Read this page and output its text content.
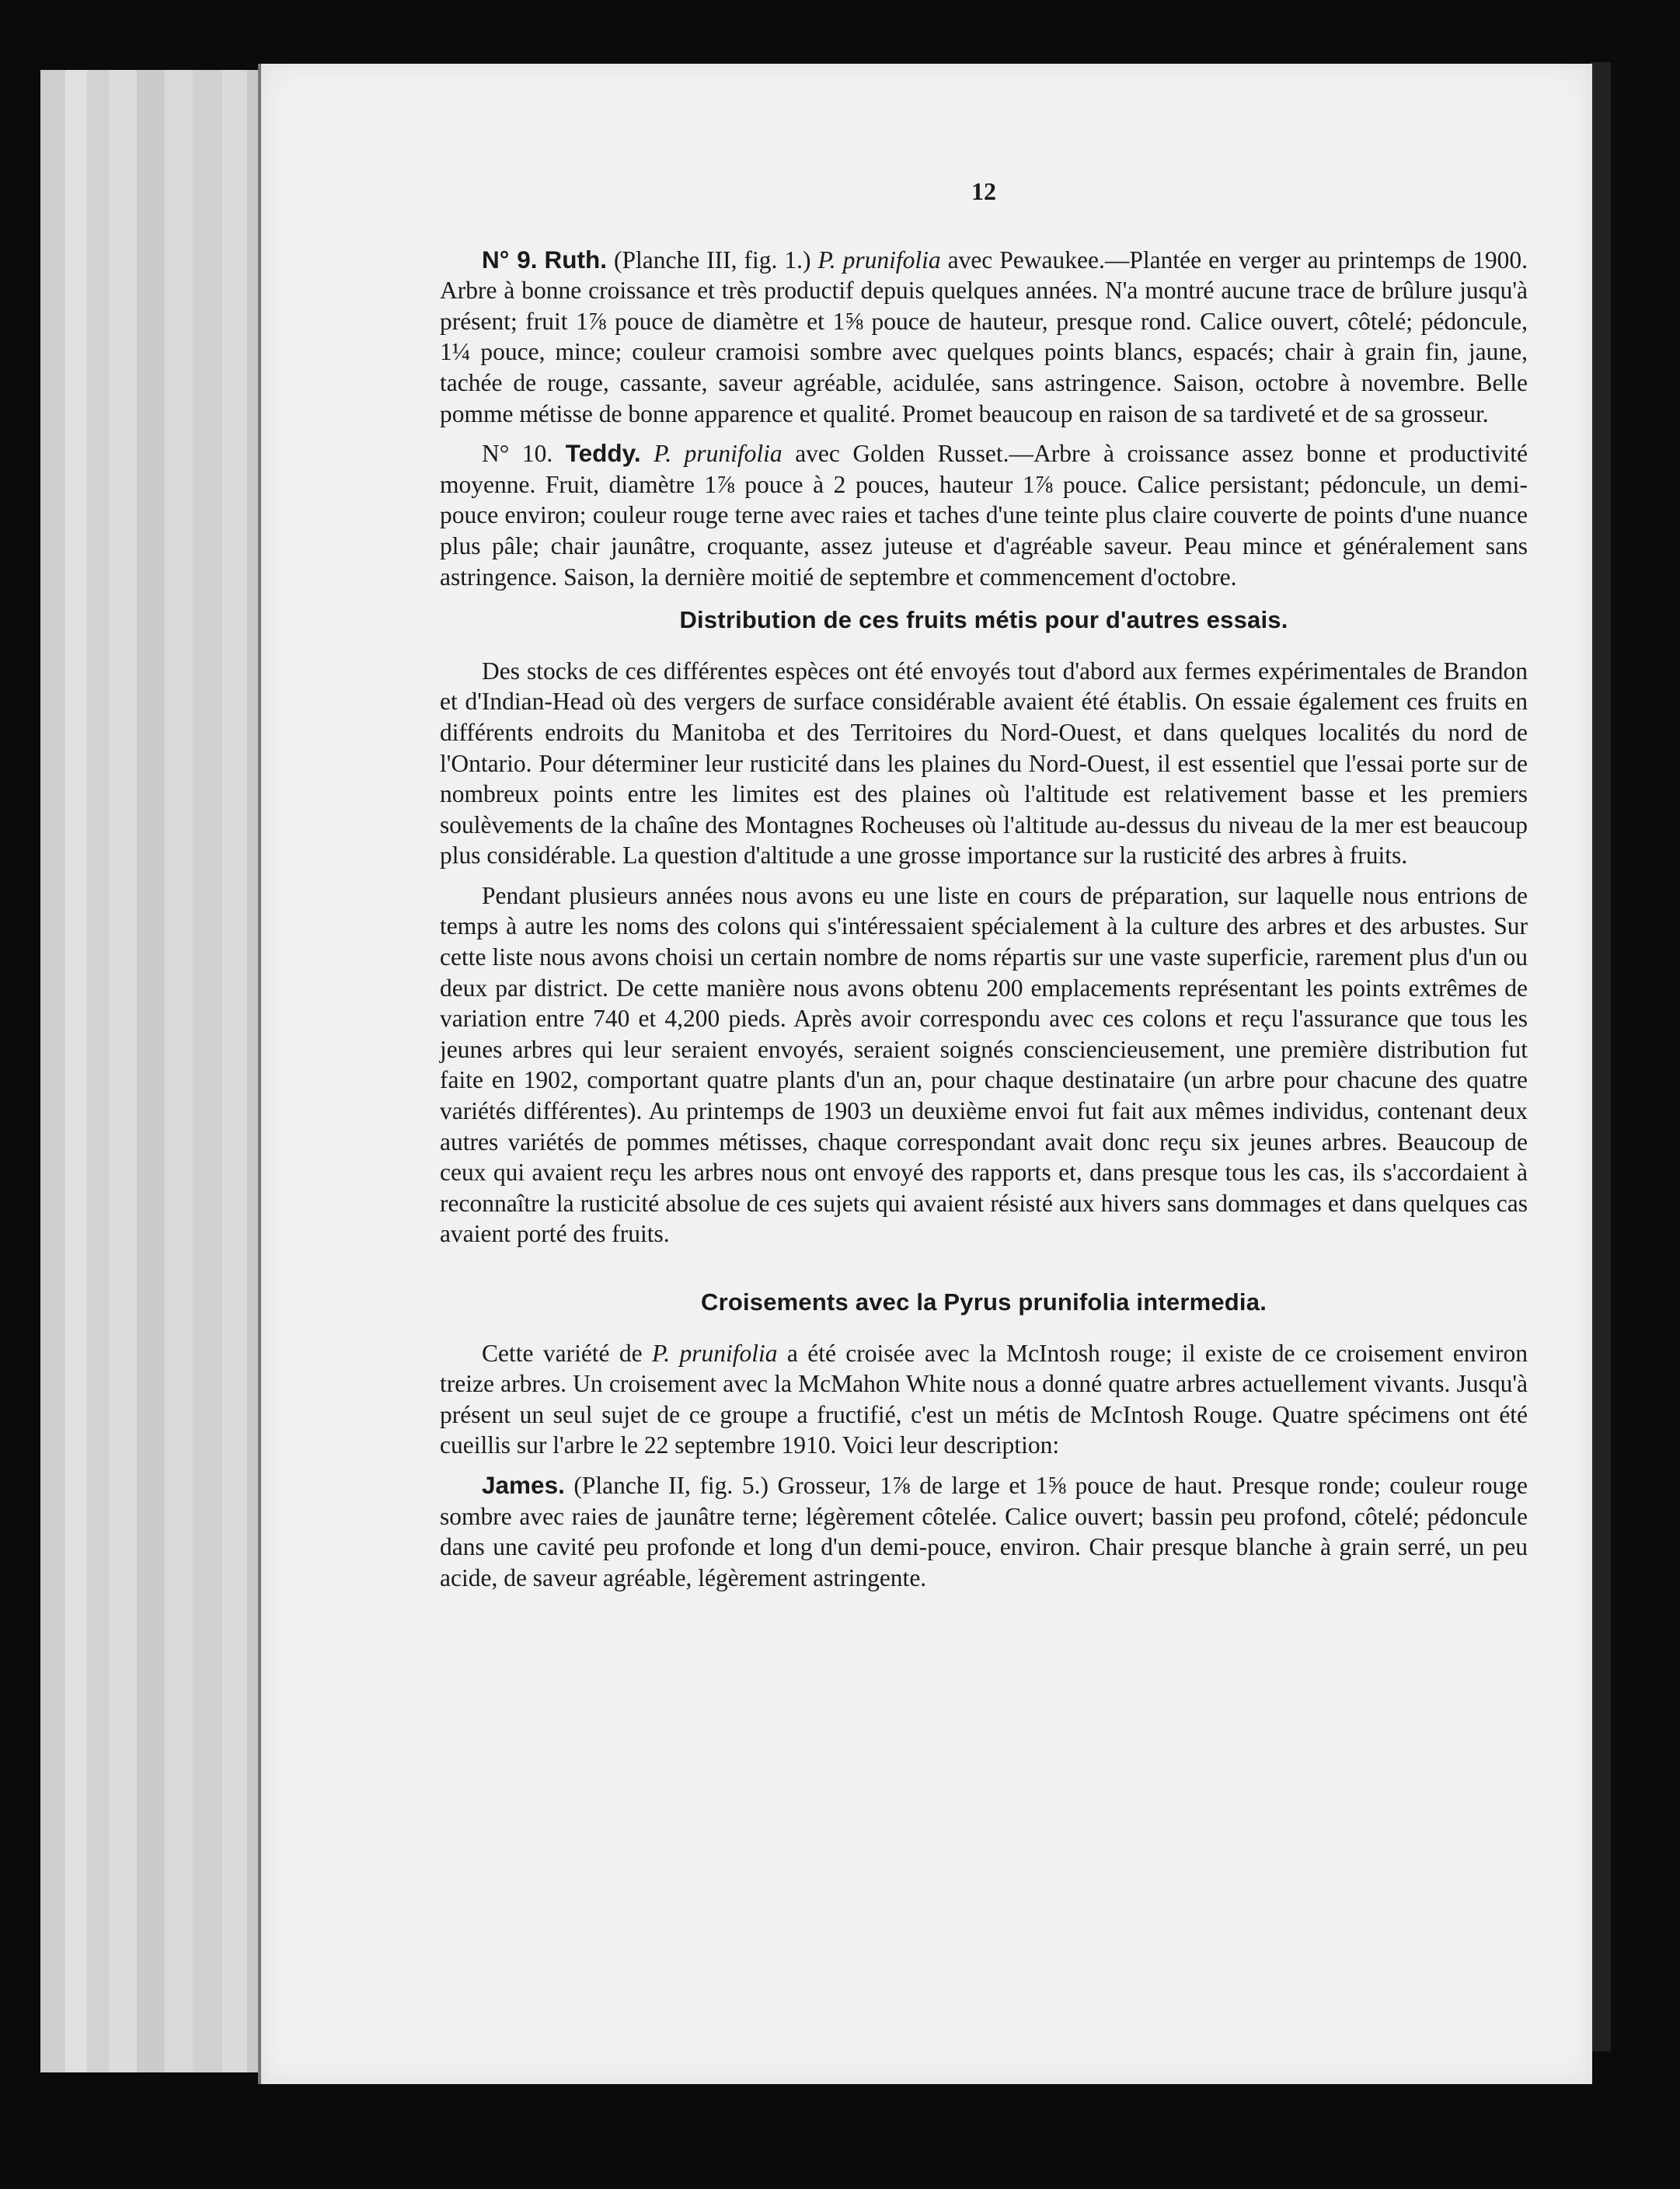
12

N° 9. Ruth. (Planche III, fig. 1.) P. prunifolia avec Pewaukee.—Plantée en verger au printemps de 1900. Arbre à bonne croissance et très productif depuis quelques années. N'a montré aucune trace de brûlure jusqu'à présent; fruit 1⅞ pouce de diamètre et 1⅝ pouce de hauteur, presque rond. Calice ouvert, côtelé; pédoncule, 1¼ pouce, mince; couleur cramoisi sombre avec quelques points blancs, espacés; chair à grain fin, jaune, tachée de rouge, cassante, saveur agréable, acidulée, sans astringence. Saison, octobre à novembre. Belle pomme métisse de bonne apparence et qualité. Promet beaucoup en raison de sa tardiveté et de sa grosseur.

N° 10. Teddy. P. prunifolia avec Golden Russet.—Arbre à croissance assez bonne et productivité moyenne. Fruit, diamètre 1⅞ pouce à 2 pouces, hauteur 1⅞ pouce. Calice persistant; pédoncule, un demi-pouce environ; couleur rouge terne avec raies et taches d'une teinte plus claire couverte de points d'une nuance plus pâle; chair jaunâtre, croquante, assez juteuse et d'agréable saveur. Peau mince et généralement sans astringence. Saison, la dernière moitié de septembre et commencement d'octobre.

Distribution de ces fruits métis pour d'autres essais.

Des stocks de ces différentes espèces ont été envoyés tout d'abord aux fermes expérimentales de Brandon et d'Indian-Head où des vergers de surface considérable avaient été établis. On essaie également ces fruits en différents endroits du Manitoba et des Territoires du Nord-Ouest, et dans quelques localités du nord de l'Ontario. Pour déterminer leur rusticité dans les plaines du Nord-Ouest, il est essentiel que l'essai porte sur de nombreux points entre les limites est des plaines où l'altitude est relativement basse et les premiers soulèvements de la chaîne des Montagnes Rocheuses où l'altitude au-dessus du niveau de la mer est beaucoup plus considérable. La question d'altitude a une grosse importance sur la rusticité des arbres à fruits.

Pendant plusieurs années nous avons eu une liste en cours de préparation, sur laquelle nous entrions de temps à autre les noms des colons qui s'intéressaient spécialement à la culture des arbres et des arbustes. Sur cette liste nous avons choisi un certain nombre de noms répartis sur une vaste superficie, rarement plus d'un ou deux par district. De cette manière nous avons obtenu 200 emplacements représentant les points extrêmes de variation entre 740 et 4,200 pieds. Après avoir correspondu avec ces colons et reçu l'assurance que tous les jeunes arbres qui leur seraient envoyés, seraient soignés consciencieusement, une première distribution fut faite en 1902, comportant quatre plants d'un an, pour chaque destinataire (un arbre pour chacune des quatre variétés différentes). Au printemps de 1903 un deuxième envoi fut fait aux mêmes individus, contenant deux autres variétés de pommes métisses, chaque correspondant avait donc reçu six jeunes arbres. Beaucoup de ceux qui avaient reçu les arbres nous ont envoyé des rapports et, dans presque tous les cas, ils s'accordaient à reconnaître la rusticité absolue de ces sujets qui avaient résisté aux hivers sans dommages et dans quelques cas avaient porté des fruits.

Croisements avec la Pyrus prunifolia intermedia.

Cette variété de P. prunifolia a été croisée avec la McIntosh rouge; il existe de ce croisement environ treize arbres. Un croisement avec la McMahon White nous a donné quatre arbres actuellement vivants. Jusqu'à présent un seul sujet de ce groupe a fructifié, c'est un métis de McIntosh Rouge. Quatre spécimens ont été cueillis sur l'arbre le 22 septembre 1910. Voici leur description:

James. (Planche II, fig. 5.) Grosseur, 1⅞ de large et 1⅝ pouce de haut. Presque ronde; couleur rouge sombre avec raies de jaunâtre terne; légèrement côtelée. Calice ouvert; bassin peu profond, côtelé; pédoncule dans une cavité peu profonde et long d'un demi-pouce, environ. Chair presque blanche à grain serré, un peu acide, de saveur agréable, légèrement astringente.
